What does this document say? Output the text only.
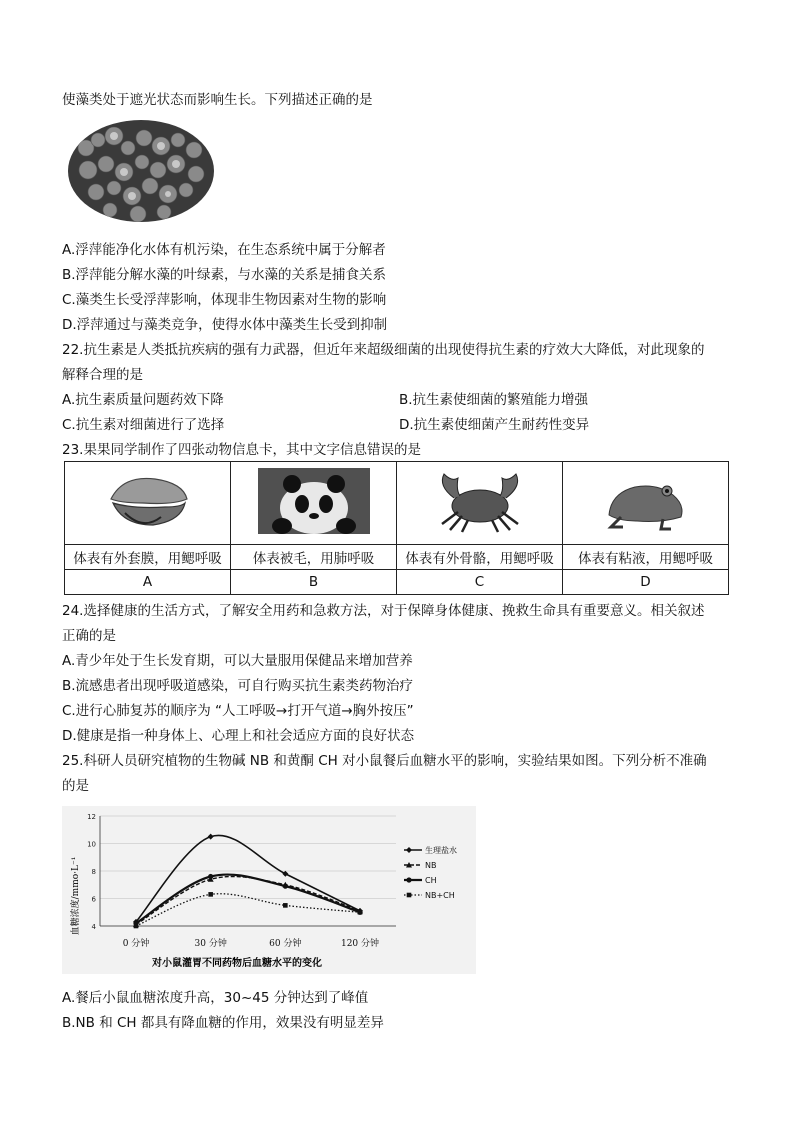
使藻类处于遮光状态而影响生长。下列描述正确的是
A.浮萍能净化水体有机污染，在生态系统中属于分解者
B.浮萍能分解水藻的叶绿素，与水藻的关系是捕食关系
C.藻类生长受浮萍影响，体现非生物因素对生物的影响
D.浮萍通过与藻类竞争，使得水体中藻类生长受到抑制
22.抗生素是人类抵抗疾病的强有力武器，但近年来超级细菌的出现使得抗生素的疗效大大降低，对此现象的
解释合理的是
A.抗生素质量问题药效下降	B.抗生素使细菌的繁殖能力增强
C.抗生素对细菌进行了选择	D.抗生素使细菌产生耐药性变异
23.果果同学制作了四张动物信息卡，其中文字信息错误的是

体表有外套膜，用鳃呼吸	体表被毛，用肺呼吸	体表有外骨骼，用鳃呼吸	体表有粘液，用鳃呼吸
A	B	C	D
24.选择健康的生活方式，了解安全用药和急救方法，对于保障身体健康、挽救生命具有重要意义。相关叙述
正确的是
A.青少年处于生长发育期，可以大量服用保健品来增加营养
B.流感患者出现呼吸道感染，可自行购买抗生素类药物治疗
C.进行心肺复苏的顺序为 “人工呼吸→打开气道→胸外按压”
D.健康是指一种身体上、心理上和社会适应方面的良好状态
25.科研人员研究植物的生物碱 NB 和黄酮 CH 对小鼠餐后血糖水平的影响，实验结果如图。下列分析不准确
的是
4
6
8
10
12
0 分钟	30 分钟	60 分钟	120 分钟
生理盐水
NB
CH
NB+CH
血糖浓度/mmo·L⁻¹
对小鼠灌胃不同药物后血糖水平的变化
A.餐后小鼠血糖浓度升高，30~45 分钟达到了峰值
B.NB 和 CH 都具有降血糖的作用，效果没有明显差异
